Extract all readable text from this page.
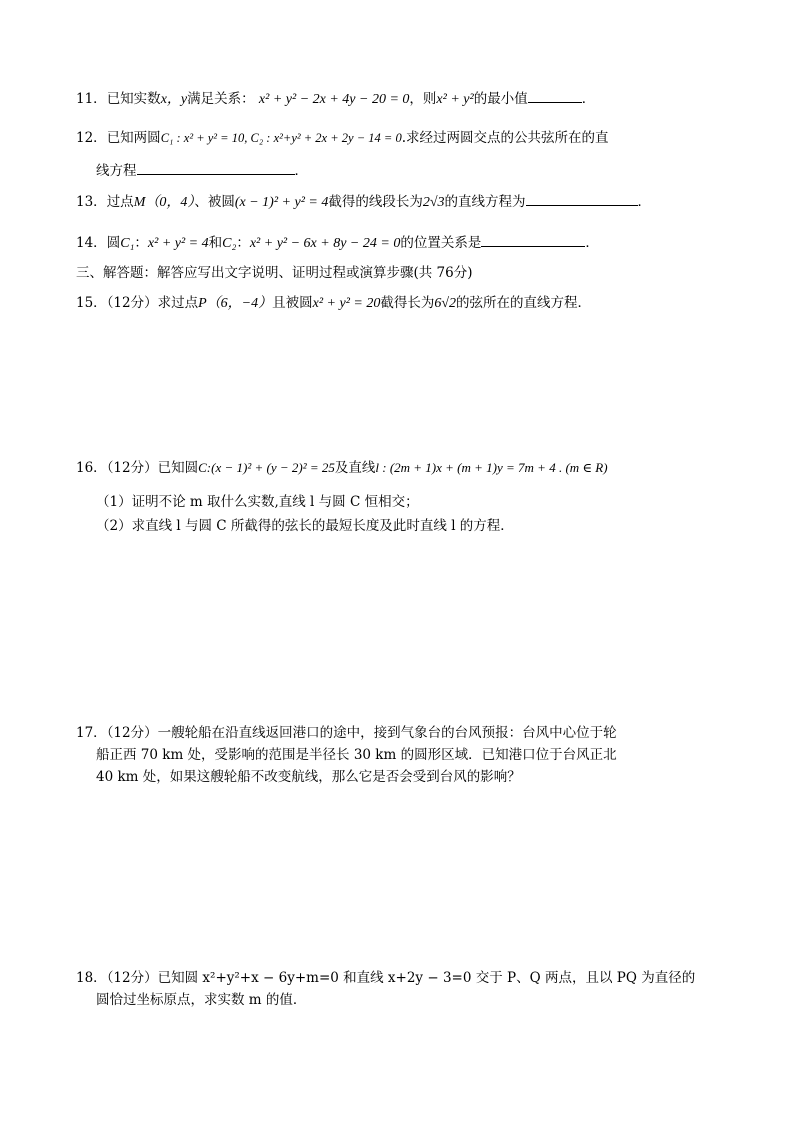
11．已知实数x，y满足关系： x² + y² − 2x + 4y − 20 = 0，则x² + y²的最小值	．
12．已知两圆C₁ : x² + y² = 10, C₂ : x²+y² + 2x + 2y − 14 = 0.求经过两圆交点的公共弦所在的直
线方程	．
13．过点M（0，4）、被圆(x − 1)² + y² = 4截得的线段长为2√3的直线方程为	．
14．圆C₁：x² + y² = 4和C₂：x² + y² − 6x + 8y − 24 = 0的位置关系是	．
三、解答题：解答应写出文字说明、证明过程或演算步骤(共 76分)
15．（12分）求过点P（6，−4）且被圆x² + y² = 20截得长为6√2的弦所在的直线方程．
16．（12分）已知圆C:(x − 1)² + (y − 2)² = 25及直线l : (2m + 1)x + (m + 1)y = 7m + 4 . (m ∈ R)
（1）证明不论 m 取什么实数,直线 l 与圆 C 恒相交；
（2）求直线 l 与圆 C 所截得的弦长的最短长度及此时直线 l 的方程．
17．（12分）一艘轮船在沿直线返回港口的途中，接到气象台的台风预报：台风中心位于轮
船正西 70 km 处，受影响的范围是半径长 30 km 的圆形区域．已知港口位于台风正北
40 km 处，如果这艘轮船不改变航线，那么它是否会受到台风的影响？
18．（12分）已知圆 x²+y²+x − 6y+m=0 和直线 x+2y − 3=0 交于 P、Q 两点，且以 PQ 为直径的
圆恰过坐标原点，求实数 m 的值．
